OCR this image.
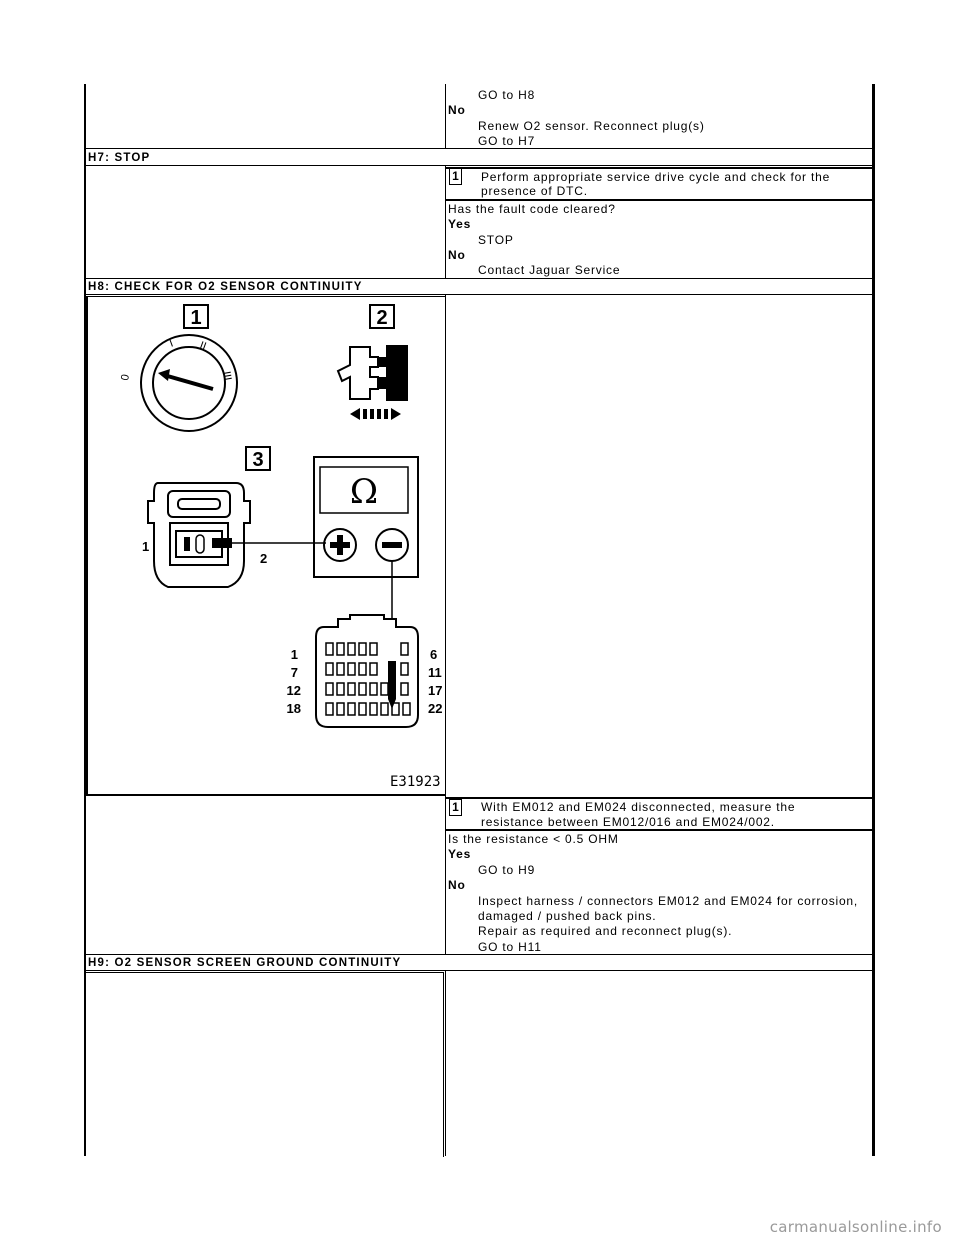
GO to H8
No
Renew O2 sensor. Reconnect plug(s)
GO to H7
H7: STOP
1 Perform appropriate service drive cycle and check for the
presence of DTC.
Has the fault code cleared?
Yes
STOP
No
Contact Jaguar Service
H8: CHECK FOR O2 SENSOR CONTINUITY
1	2
3
0
I II
III
Ω
1
2
1
7
12
18
6
11
17
22
E31923
1 With EM012 and EM024 disconnected, measure the
resistance between EM012/016 and EM024/002.
Is the resistance < 0.5 OHM
Yes
GO to H9
No
Inspect harness / connectors EM012 and EM024 for corrosion,
damaged / pushed back pins.
Repair as required and reconnect plug(s).
GO to H11
H9: O2 SENSOR SCREEN GROUND CONTINUITY
carmanualsonline.info
